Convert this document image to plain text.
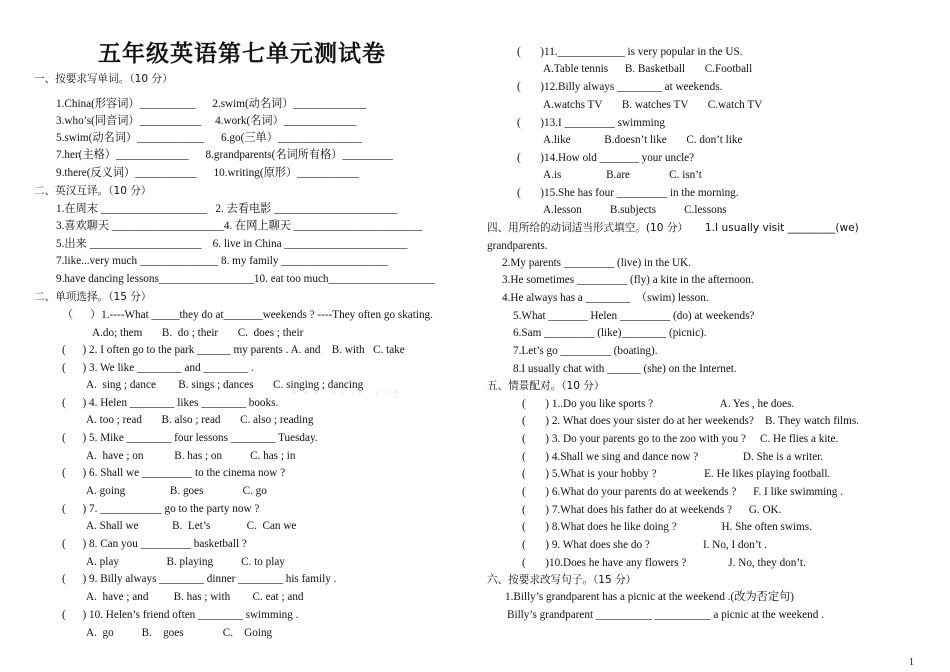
五年级英语第七单元测试卷
一、按要求写单词。（10 分）
1.China(形容词）__________      2.swim(动名词）_____________
3.who’s(同音词）___________     4.work(名词）_____________
5.swim(动名词）____________      6.go(三单）_______________
7.her(主格）_____________      8.grandparents(名词所有格）_________
9.there(反义词）___________      10.writing(原形）___________
二、英汉互译。（10 分）
1.在周末 ___________________   2. 去看电影 ______________________
3.喜欢聊天 ____________________4. 在网上聊天 _______________________
5.出来 ____________________    6. live in China ______________________
7.like...very much ______________ 8. my family ___________________
9.have dancing lessons_________________10. eat too much___________________
二、单项选择。（15 分）
（      ）1.----What _____they do at_______weekends ? ----They often go skating.
A.do; them       B.  do ; their       C.  does ; their
(      ) 2. I often go to the park ______ my parents . A. and    B. with   C. take
(      ) 3. We like ________ and ________ .
A.  sing ; dance        B. sings ; dances       C. singing ; dancing
(      ) 4. Helen ________ likes ________ books.
A. too ; read       B. also ; read       C. also ; reading
(      ) 5. Mike ________ four lessons ________ Tuesday.
A.  have ; on           B. has ; on          C. has ; in
(      ) 6. Shall we _________ to the cinema now ?
A. going                B. goes              C. go
(      ) 7. ___________ go to the party now ?
A. Shall we            B.  Let’s             C.  Can we
(      ) 8. Can you _________ basketball ?
A. play                 B. playing          C. to play
(      ) 9. Billy always ________ dinner ________ his family .
A.  have ; and         B. has ; with        C. eat ; and
(      ) 10. Helen’s friend often ________ swimming .
A.  go          B.    goes              C.    Going
(       )11.____________ is very popular in the US.
A.Table tennis      B. Basketball       C.Football
(       )12.Billy always ________ at weekends.
A.watchs TV       B. watches TV       C.watch TV
(       )13.I _________ swimming
A.like            B.doesn’t like       C. don’t like
(       )14.How old _______ your uncle?
A.is                B.are              C. isn’t
(       )15.She has four _________ in the morning.
A.lesson          B.subjects          C.lessons
四、用所给的动词适当形式填空。(10 分）     1.I usually visit _________(we)
grandparents.
2.My parents _________ (live) in the UK.
3.He sometimes _________ (fly) a kite in the afternoon.
4.He always has a ________  （swim) lesson.
5.What _______ Helen _________ (do) at weekends?
6.Sam _________ (like)________ (picnic).
7.Let’s go _________ (boating).
8.I usually chat with ______ (she) on the Internet.
五、情景配对。（10 分）
(       ) 1..Do you like sports ?                        A. Yes , he does.
(       ) 2. What does your sister do at her weekends?    B. They watch films.
(       ) 3. Do your parents go to the zoo with you ?     C. He flies a kite.
(       ) 4.Shall we sing and dance now ?                D. She is a writer.
(       ) 5.What is your hobby ?                 E. He likes playing football.
(       ) 6.What do your parents do at weekends ?      F. I like swimming .
(       ) 7.What does his father do at weekends ?      G. OK.
(       ) 8.What does he like doing ?                H. She often swims.
(       ) 9. What does she do ?                   I. No, I don’t .
(       )10.Does he have any flowers ?               J. No, they don’t.
六、按要求改写句子。（15 分）
1.Billy’s grandparent has a picnic at the weekend .(改为否定句)
Billy’s grandparent __________ __________ a picnic at the weekend .
w w w . k s 5 u . c o m
1
